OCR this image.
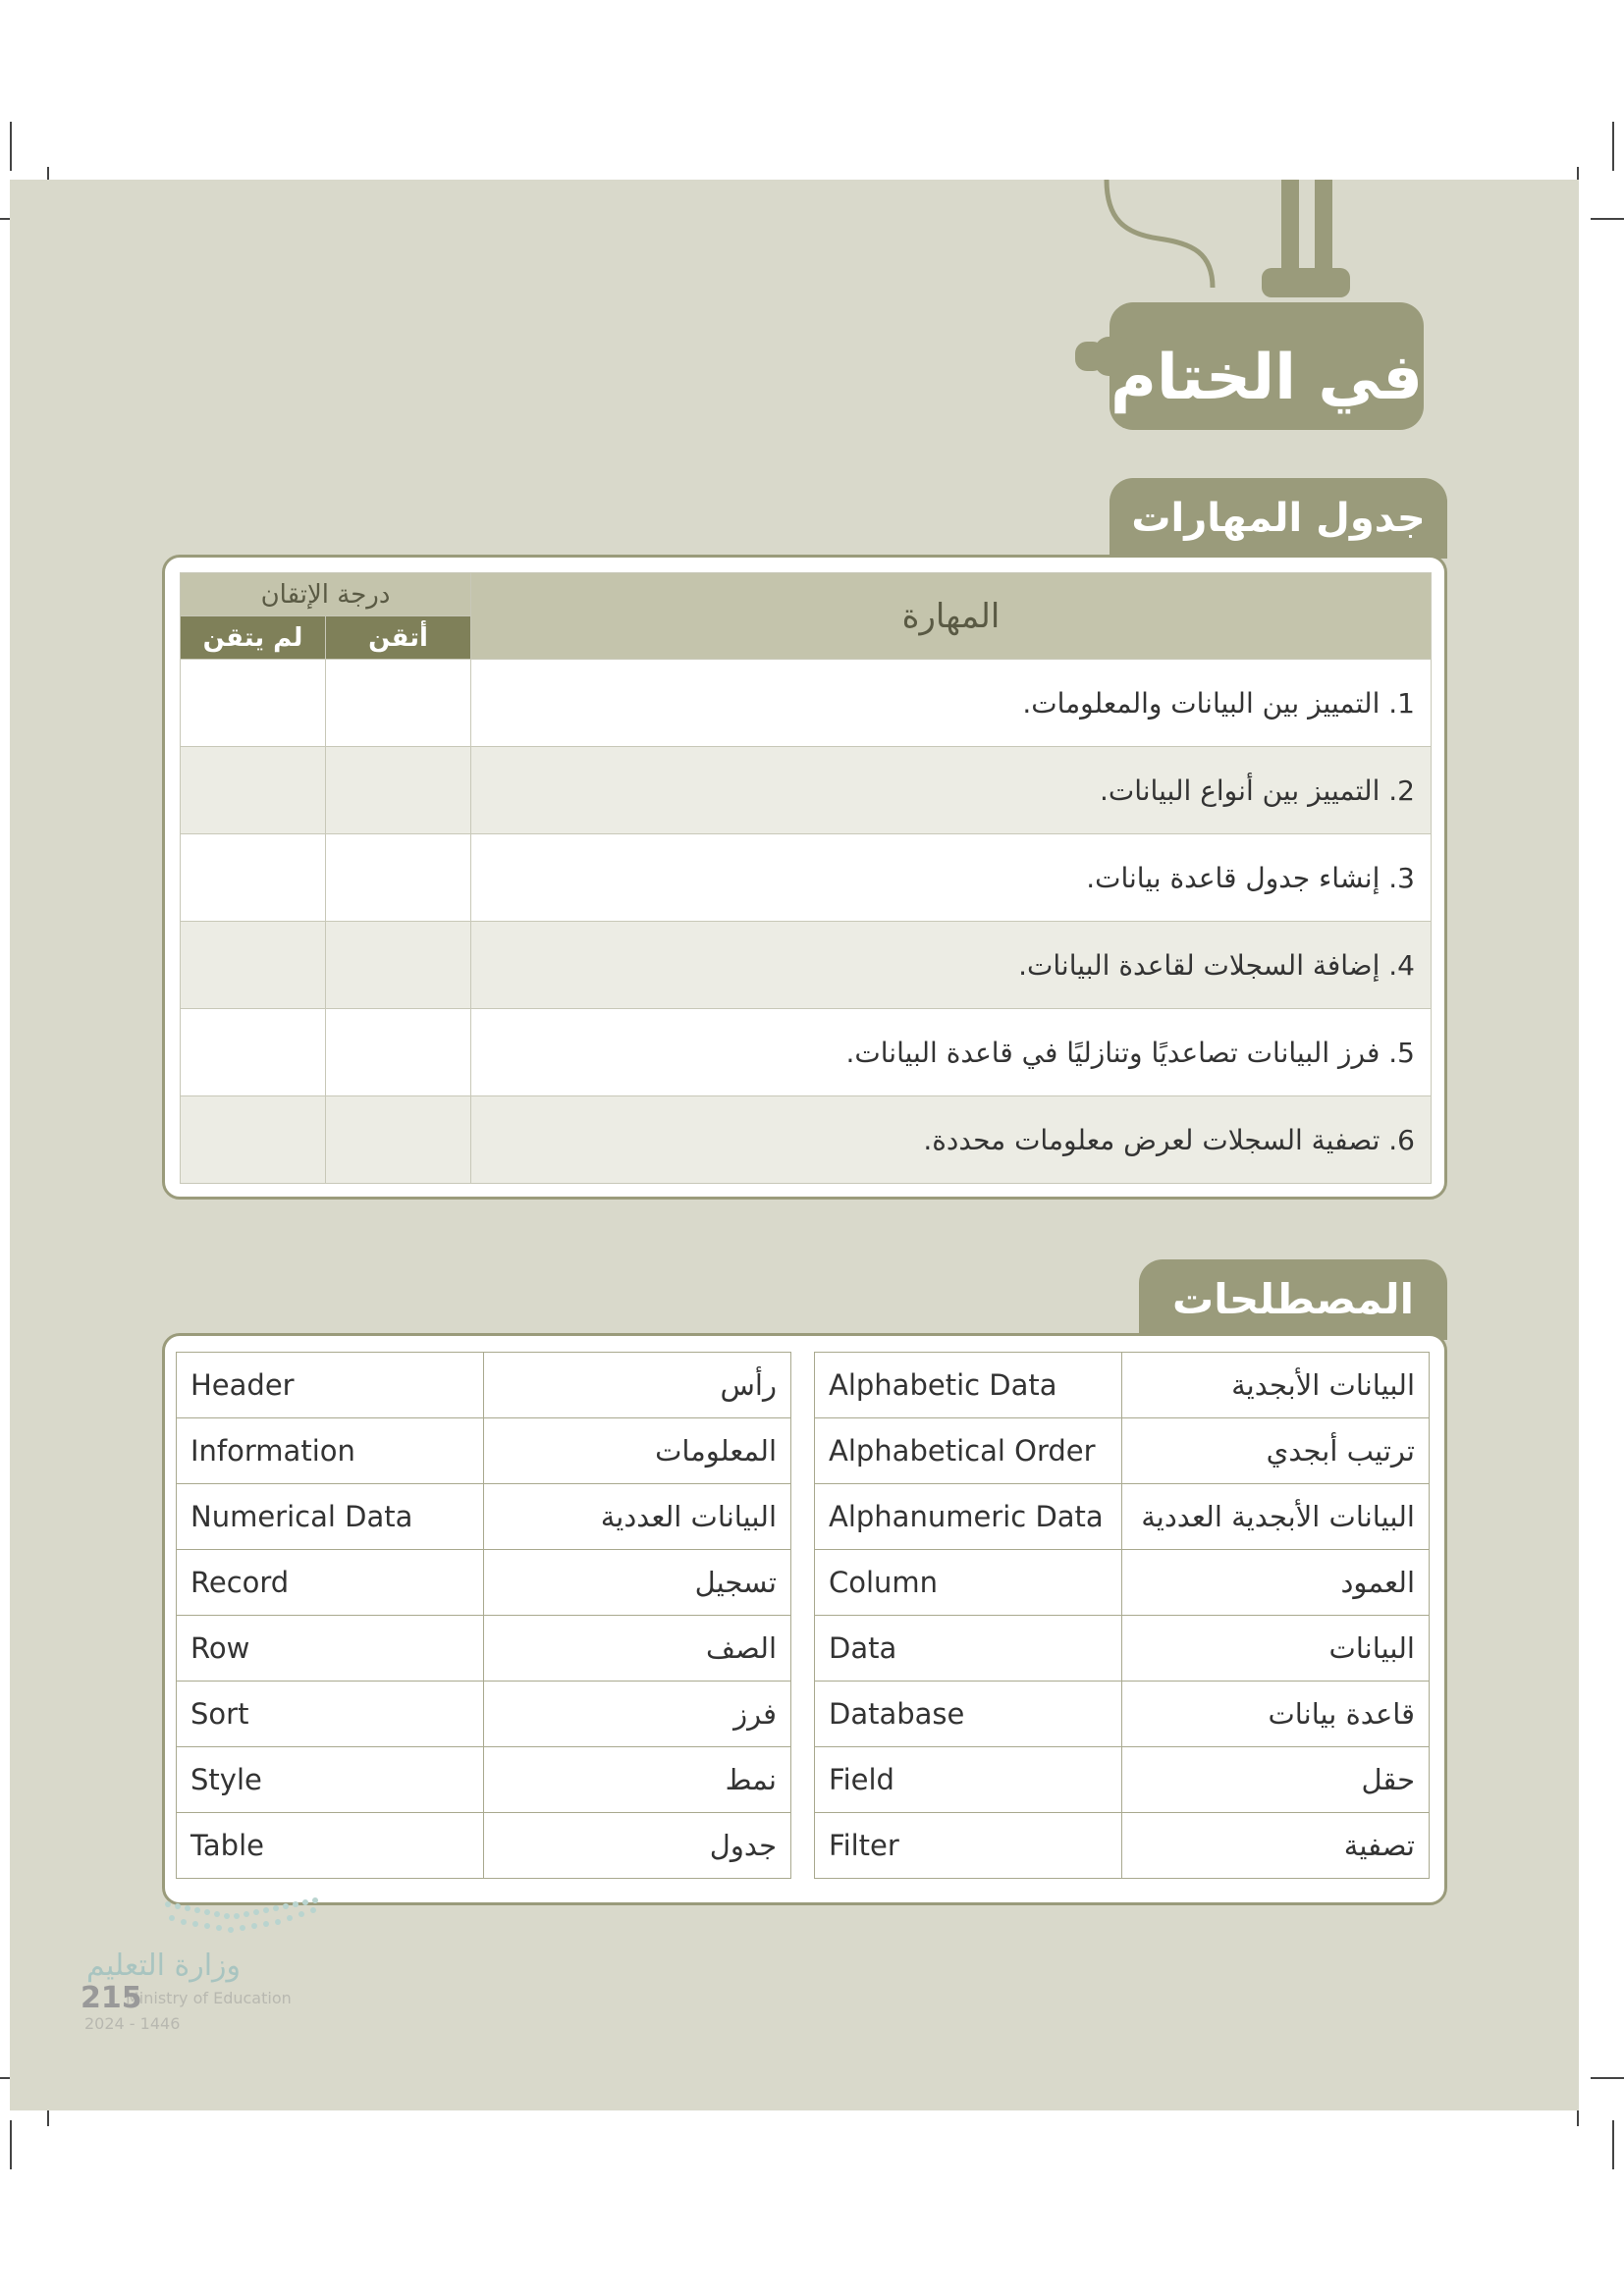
في الختام
جدول المهارات
درجة الإتقان		المهارة
لم يتقن	أتقن	
		1. التمييز بين البيانات والمعلومات.
		2. التمييز بين أنواع البيانات.
		3. إنشاء جدول قاعدة بيانات.
		4. إضافة السجلات لقاعدة البيانات.
		5. فرز البيانات تصاعديًا وتنازليًا في قاعدة البيانات.
		6. تصفية السجلات لعرض معلومات محددة.
المصطلحات
Header	رأس
Information	المعلومات
Numerical Data	البيانات العددية
Record	تسجيل
Row	الصف
Sort	فرز
Style	نمط
Table	جدول
Alphabetic Data	البيانات الأبجدية
Alphabetical Order	ترتيب أبجدي
Alphanumeric Data	البيانات الأبجدية العددية
Column	العمود
Data	البيانات
Database	قاعدة بيانات
Field	حقل
Filter	تصفية
وزارة التعليم
Ministry of Education
215
2024 - 1446
